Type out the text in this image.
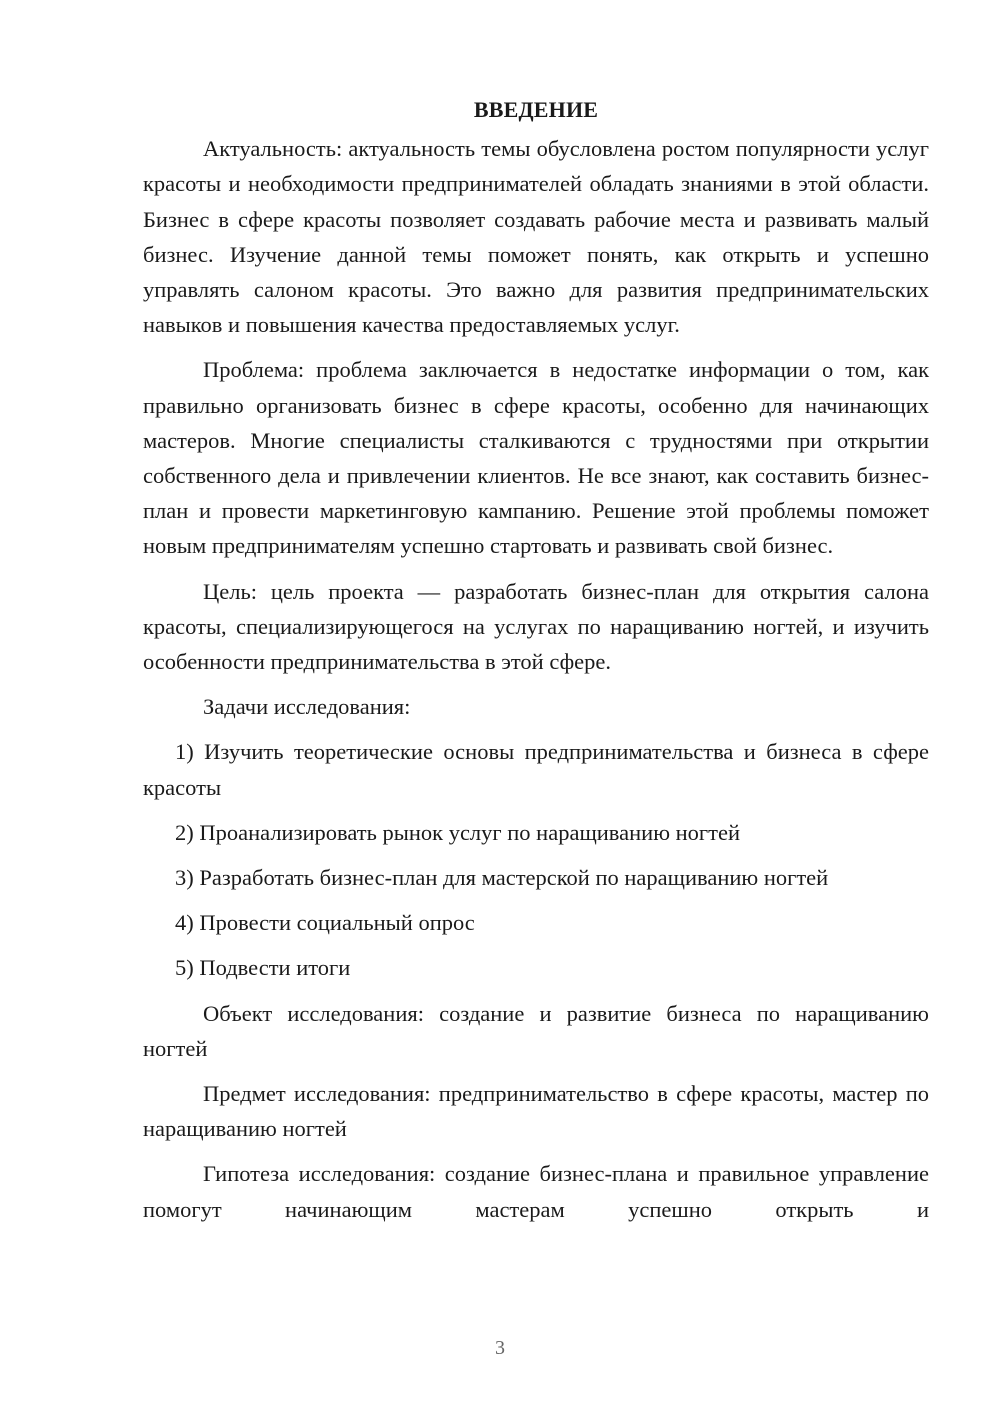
ВВЕДЕНИЕ

Актуальность: актуальность темы обусловлена ростом популярности услуг красоты и необходимости предпринимателей обладать знаниями в этой области. Бизнес в сфере красоты позволяет создавать рабочие места и развивать малый бизнес. Изучение данной темы поможет понять, как открыть и успешно управлять салоном красоты. Это важно для развития предпринимательских навыков и повышения качества предоставляемых услуг.

Проблема: проблема заключается в недостатке информации о том, как правильно организовать бизнес в сфере красоты, особенно для начинающих мастеров. Многие специалисты сталкиваются с трудностями при открытии собственного дела и привлечении клиентов. Не все знают, как составить бизнес-план и провести маркетинговую кампанию. Решение этой проблемы поможет новым предпринимателям успешно стартовать и развивать свой бизнес.

Цель: цель проекта — разработать бизнес-план для открытия салона красоты, специализирующегося на услугах по наращиванию ногтей, и изучить особенности предпринимательства в этой сфере.

Задачи исследования:

1) Изучить теоретические основы предпринимательства и бизнеса в сфере красоты
2) Проанализировать рынок услуг по наращиванию ногтей
3) Разработать бизнес-план для мастерской по наращиванию ногтей
4) Провести социальный опрос
5) Подвести итоги

Объект исследования: создание и развитие бизнеса по наращиванию ногтей

Предмет исследования: предпринимательство в сфере красоты, мастер по наращиванию ногтей

Гипотеза исследования: создание бизнес-плана и правильное управление помогут начинающим мастерам успешно открыть и

3
